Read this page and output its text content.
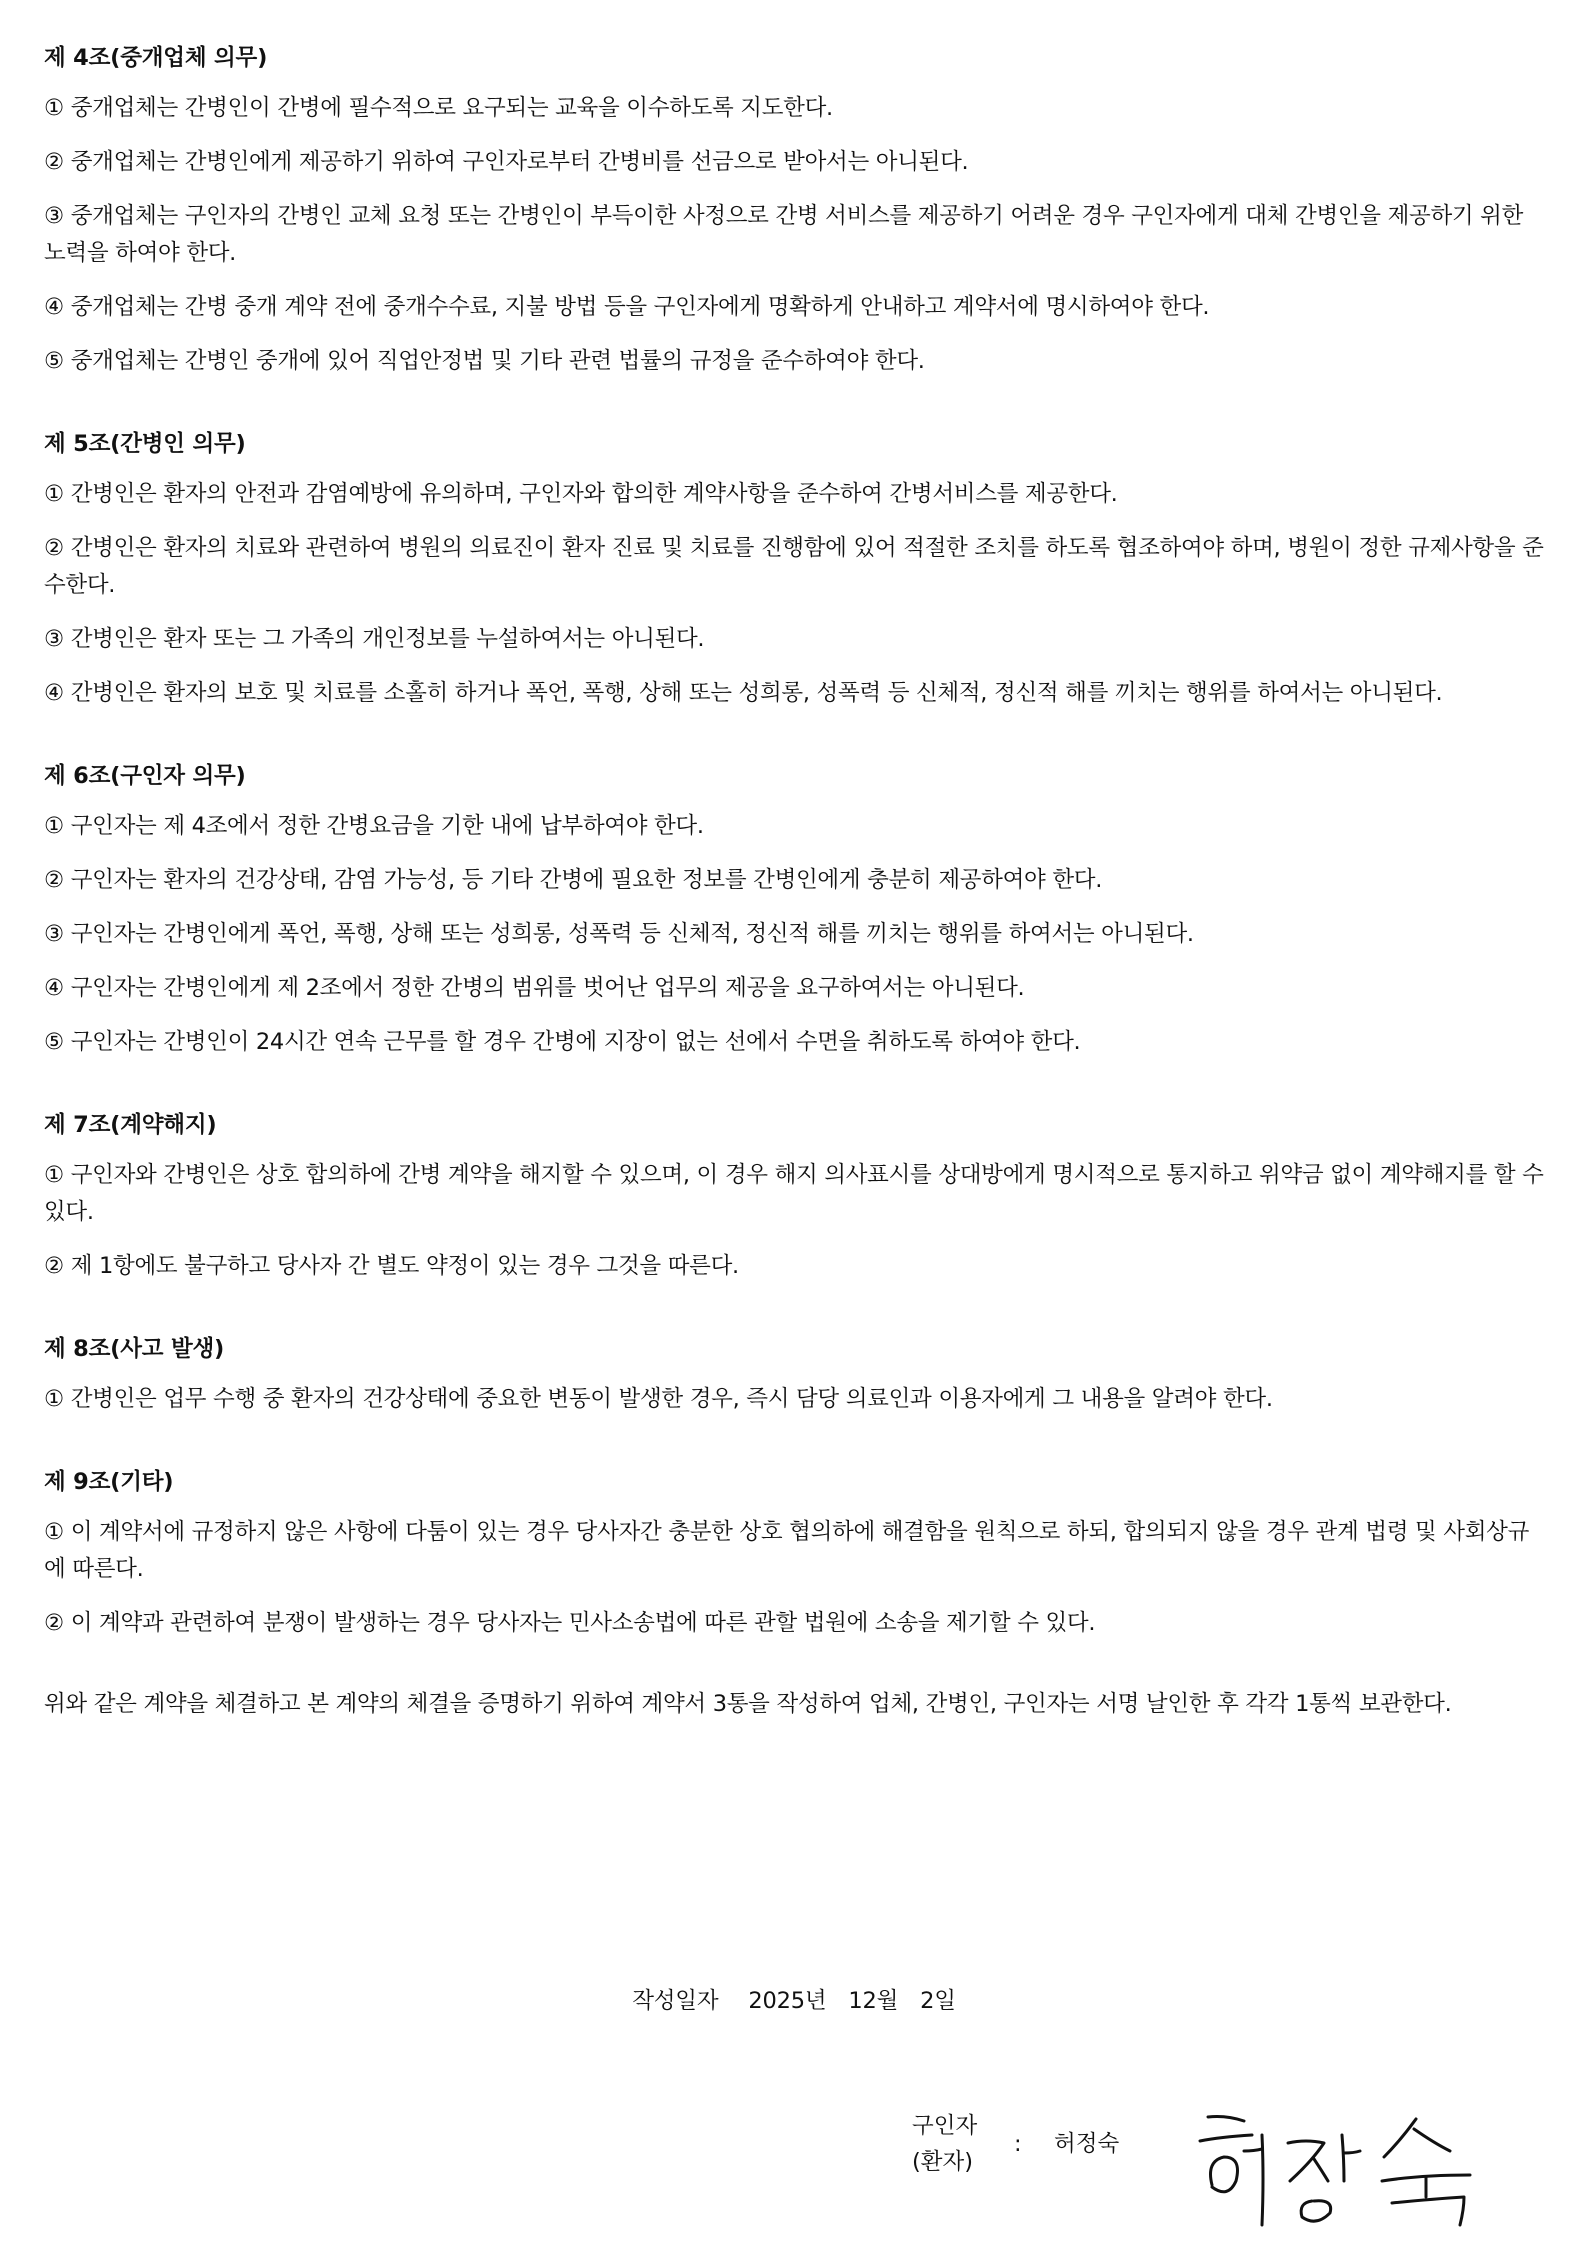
제 4조(중개업체 의무)
① 중개업체는 간병인이 간병에 필수적으로 요구되는 교육을 이수하도록 지도한다.
② 중개업체는 간병인에게 제공하기 위하여 구인자로부터 간병비를 선금으로 받아서는 아니된다.
③ 중개업체는 구인자의 간병인 교체 요청 또는 간병인이 부득이한 사정으로 간병 서비스를 제공하기 어려운 경우 구인자에게 대체 간병인을 제공하기 위한 노력을 하여야 한다.
④ 중개업체는 간병 중개 계약 전에 중개수수료, 지불 방법 등을 구인자에게 명확하게 안내하고 계약서에 명시하여야 한다.
⑤ 중개업체는 간병인 중개에 있어 직업안정법 및 기타 관련 법률의 규정을 준수하여야 한다.
제 5조(간병인 의무)
① 간병인은 환자의 안전과 감염예방에 유의하며, 구인자와 합의한 계약사항을 준수하여 간병서비스를 제공한다.
② 간병인은 환자의 치료와 관련하여 병원의 의료진이 환자 진료 및 치료를 진행함에 있어 적절한 조치를 하도록 협조하여야 하며, 병원이 정한 규제사항을 준수한다.
③ 간병인은 환자 또는 그 가족의 개인정보를 누설하여서는 아니된다.
④ 간병인은 환자의 보호 및 치료를 소홀히 하거나 폭언, 폭행, 상해 또는 성희롱, 성폭력 등 신체적, 정신적 해를 끼치는 행위를 하여서는 아니된다.
제 6조(구인자 의무)
① 구인자는 제 4조에서 정한 간병요금을 기한 내에 납부하여야 한다.
② 구인자는 환자의 건강상태, 감염 가능성, 등 기타 간병에 필요한 정보를 간병인에게 충분히 제공하여야 한다.
③ 구인자는 간병인에게 폭언, 폭행, 상해 또는 성희롱, 성폭력 등 신체적, 정신적 해를 끼치는 행위를 하여서는 아니된다.
④ 구인자는 간병인에게 제 2조에서 정한 간병의 범위를 벗어난 업무의 제공을 요구하여서는 아니된다.
⑤ 구인자는 간병인이 24시간 연속 근무를 할 경우 간병에 지장이 없는 선에서 수면을 취하도록 하여야 한다.
제 7조(계약해지)
① 구인자와 간병인은 상호 합의하에 간병 계약을 해지할 수 있으며, 이 경우 해지 의사표시를 상대방에게 명시적으로 통지하고 위약금 없이 계약해지를 할 수 있다.
② 제 1항에도 불구하고 당사자 간 별도 약정이 있는 경우 그것을 따른다.
제 8조(사고 발생)
① 간병인은 업무 수행 중 환자의 건강상태에 중요한 변동이 발생한 경우, 즉시 담당 의료인과 이용자에게 그 내용을 알려야 한다.
제 9조(기타)
① 이 계약서에 규정하지 않은 사항에 다툼이 있는 경우 당사자간 충분한 상호 협의하에 해결함을 원칙으로 하되, 합의되지 않을 경우 관계 법령 및 사회상규에 따른다.
② 이 계약과 관련하여 분쟁이 발생하는 경우 당사자는 민사소송법에 따른 관할 법원에 소송을 제기할 수 있다.
위와 같은 계약을 체결하고 본 계약의 체결을 증명하기 위하여 계약서 3통을 작성하여 업체, 간병인, 구인자는 서명 날인한 후 각각 1통씩 보관한다.
작성일자 2025년 12월 2일
구인자
(환자)
: 허정숙
